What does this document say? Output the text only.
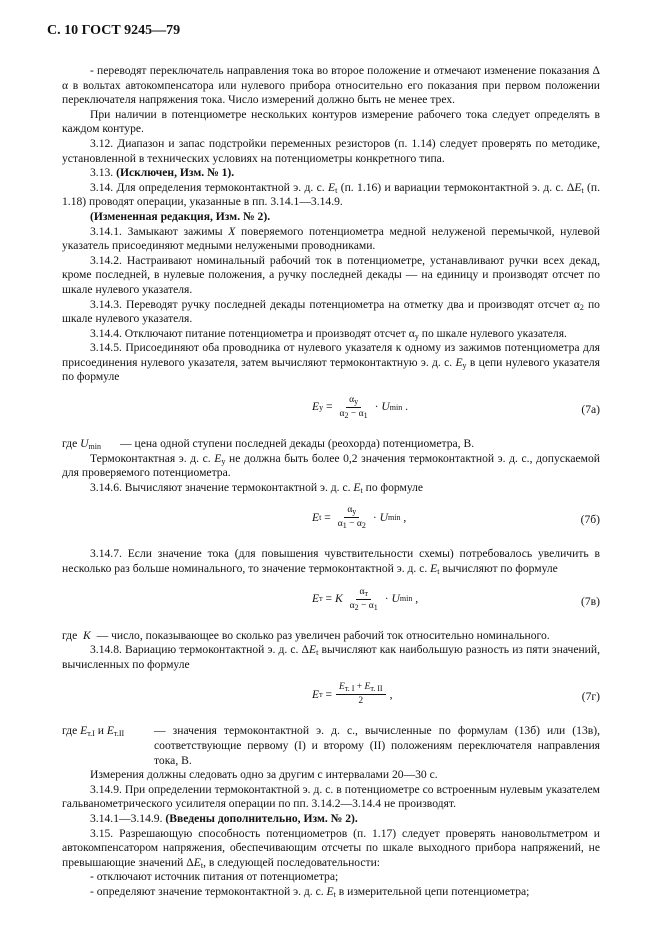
С. 10 ГОСТ 9245—79

- переводят переключатель направления тока во второе положение и отмечают изменение показания Δ α в вольтах автокомпенсатора или нулевого прибора относительно его показания при первом положении переключателя напряжения тока. Число измерений должно быть не менее трех.

При наличии в потенциометре нескольких контуров измерение рабочего тока следует определять в каждом контуре.

3.12. Диапазон и запас подстройки переменных резисторов (п. 1.14) следует проверять по методике, установленной в технических условиях на потенциометры конкретного типа.

3.13. (Исключен, Изм. № 1).

3.14. Для определения термоконтактной э. д. с. $E_t$ (п. 1.16) и вариации термоконтактной э. д. с. $\Delta E_t$ (п. 1.18) проводят операции, указанные в пп. 3.14.1—3.14.9.

(Измененная редакция, Изм. № 2).

3.14.1. Замыкают зажимы X поверяемого потенциометра медной нелуженой перемычкой, нулевой указатель присоединяют медными нелужеными проводниками.

3.14.2. Настраивают номинальный рабочий ток в потенциометре, устанавливают ручки всех декад, кроме последней, в нулевые положения, а ручку последней декады — на единицу и производят отсчет по шкале нулевого указателя.

3.14.3. Переводят ручку последней декады потенциометра на отметку два и производят отсчет $\alpha_2$ по шкале нулевого указателя.

3.14.4. Отключают питание потенциометра и производят отсчет $\alpha_y$ по шкале нулевого указателя.

3.14.5. Присоединяют оба проводника от нулевого указателя к одному из зажимов потенциометра для присоединения нулевого указателя, затем вычисляют термоконтактную э. д. с. $E_y$ в цепи нулевого указателя по формуле

E $y = \frac{\alpha_y}{\alpha_2 - \alpha_1} \cdot U$ min .	(7а)
где $U_{min}$	— цена одной ступени последней декады (реохорда) потенциометра, В.

Термоконтактная э. д. с. $E_y$ не должна быть более 0,2 значения термоконтактной э. д. с., допускаемой для проверяемого потенциометра.

3.14.6. Вычисляют значение термоконтактной э. д. с. $E_t$ по формуле

E $t = \frac{\alpha_y}{\alpha_1 - \alpha_2} \cdot U$ min ,	(7б)

3.14.7. Если значение тока (для повышения чувствительности схемы) потребовалось увеличить в несколько раз больше номинального, то значение термоконтактной э. д. с. $E_t$ вычисляют по формуле

E т = K $\frac{\alpha_т}{\alpha_2 - \alpha_1} \cdot U$ min ,	(7в)

где  K  — число, показывающее во сколько раз увеличен рабочий ток относительно номинального.

3.14.8. Вариацию термоконтактной э. д. с. $\Delta E_t$ вычисляют как наибольшую разность из пяти значений, вычисленных по формуле

E $т = \frac{E_{т. I} + E_{т. II}}{2}$ ,	(7г)
где $E_{т.I}$ и $E_{т.II}$	— значения термоконтактной э. д. с., вычисленные по формулам (13б) или (13в), соответствующие первому (I) и второму (II) положениям переключателя направления тока, В.

Измерения должны следовать одно за другим с интервалами 20—30 с.

3.14.9. При определении термоконтактной э. д. с. в потенциометре со встроенным нулевым указателем гальванометрического усилителя операции по пп. 3.14.2—3.14.4 не производят.

3.14.1—3.14.9. (Введены дополнительно, Изм. № 2).

3.15. Разрешающую способность потенциометров (п. 1.17) следует проверять нановольтметром и автокомпенсатором напряжения, обеспечивающим отсчеты по шкале выходного прибора напряжений, не превышающие значений $\Delta E_t$, в следующей последовательности:

- отключают источник питания от потенциометра;

- определяют значение термоконтактной э. д. с. $E_t$ в измерительной цепи потенциометра;
